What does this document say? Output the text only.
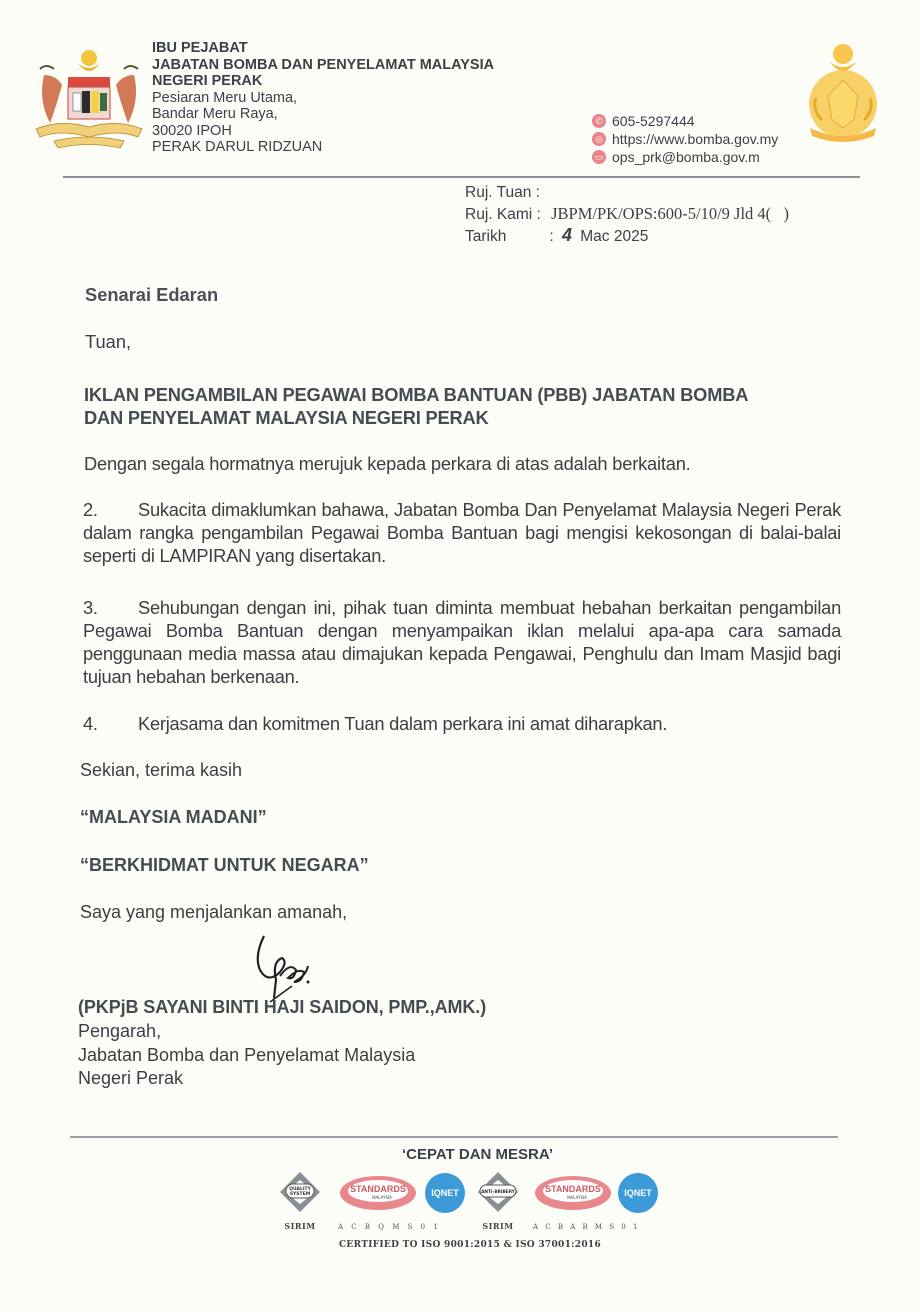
IBU PEJABAT
JABATAN BOMBA DAN PENYELAMAT MALAYSIA
NEGERI PERAK
Pesiaran Meru Utama,
Bandar Meru Raya,
30020 IPOH
PERAK DARUL RIDZUAN
✆ 605-5297444
◎ https://www.bomba.gov.my
▭ ops_prk@bomba.gov.m
Ruj. Tuan :
Ruj. Kami : JBPM/PK/OPS:600-5/10/9 Jld 4(   )
Tarikh	: 4 Mac 2025
Senarai Edaran
Tuan,
IKLAN PENGAMBILAN PEGAWAI BOMBA BANTUAN (PBB) JABATAN BOMBA
DAN PENYELAMAT MALAYSIA NEGERI PERAK
Dengan segala hormatnya merujuk kepada perkara di atas adalah berkaitan.
2. Sukacita dimaklumkan bahawa, Jabatan Bomba Dan Penyelamat Malaysia Negeri Perak dalam rangka pengambilan Pegawai Bomba Bantuan bagi mengisi kekosongan di balai-balai seperti di LAMPIRAN yang disertakan.
3. Sehubungan dengan ini, pihak tuan diminta membuat hebahan berkaitan pengambilan Pegawai Bomba Bantuan dengan menyampaikan iklan melalui apa-apa cara samada penggunaan media massa atau dimajukan kepada Pengawai, Penghulu dan Imam Masjid bagi tujuan hebahan berkenaan.
4. Kerjasama dan komitmen Tuan dalam perkara ini amat diharapkan.
Sekian, terima kasih
“MALAYSIA MADANI”
“BERKHIDMAT UNTUK NEGARA”
Saya yang menjalankan amanah,
(PKPjB SAYANI BINTI HAJI SAIDON, PMP.,AMK.)
Pengarah,
Jabatan Bomba dan Penyelamat Malaysia
Negeri Perak
‘CEPAT DAN MESRA’
QUALITY
SYSTEM
SIRIM
STANDARDS
MALAYSIA
A C B Q M S 0 1
IQNET	ANTI-BRIBERY
SIRIM
STANDARDS
MALAYSIA
A C B A B M S 0 1
IQNET
CERTIFIED TO ISO 9001:2015 & ISO 37001:2016
